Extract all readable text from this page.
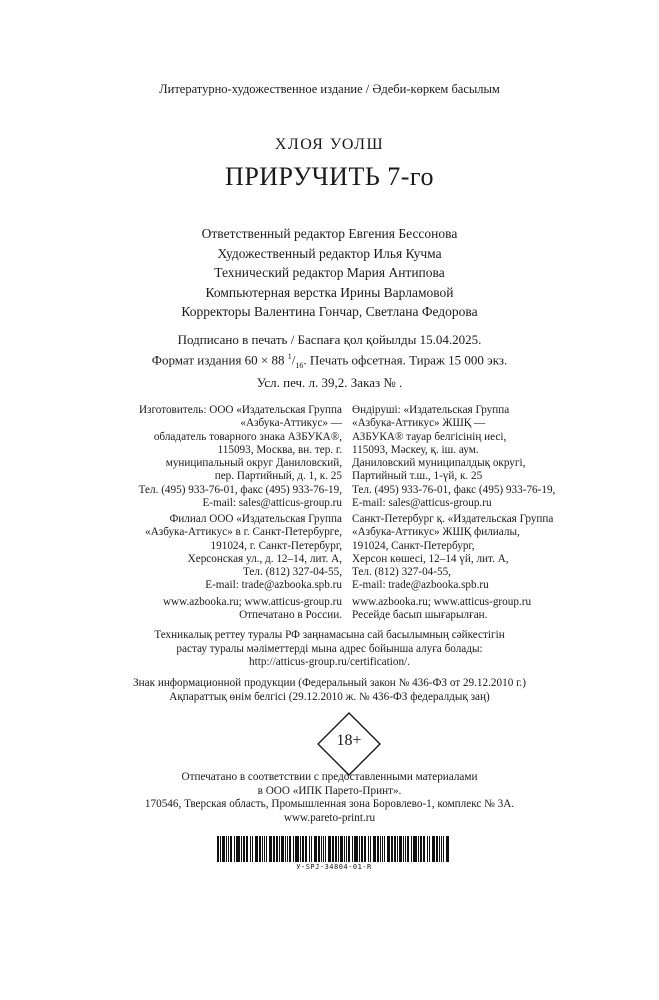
Литературно-художественное издание / Әдеби-көркем басылым
ХЛОЯ УОЛШ
ПРИРУЧИТЬ 7-го
Ответственный редактор Евгения Бессонова
Художественный редактор Илья Кучма
Технический редактор Мария Антипова
Компьютерная верстка Ирины Варламовой
Корректоры Валентина Гончар, Светлана Федорова
Подписано в печать / Баспаға қол қойылды 15.04.2025.
Формат издания 60 × 88 $^1/_{16}$. Печать офсетная. Тираж 15 000 экз.
Усл. печ. л. 39,2. Заказ № .
Изготовитель: ООО «Издательская Группа
«Азбука-Аттикус» —
обладатель товарного знака АЗБУКА®,
115093, Москва, вн. тер. г.
муниципальный округ Даниловский,
пер. Партийный, д. 1, к. 25
Тел. (495) 933-76-01, факс (495) 933-76-19,
E-mail: sales@atticus-group.ru
Филиал ООО «Издательская Группа
«Азбука-Аттикус» в г. Санкт-Петербурге,
191024, г. Санкт-Петербург,
Херсонская ул., д. 12–14, лит. А,
Тел. (812) 327-04-55,
E-mail: trade@azbooka.spb.ru
www.azbooka.ru; www.atticus-group.ru
Отпечатано в России.
Өндіруші: «Издательская Группа
«Азбука-Аттикус» ЖШҚ —
АЗБУКА® тауар белгісінің иесі,
115093, Мәскеу, қ. іш. аум.
Даниловский муниципалдық округі,
Партийный т.ш., 1-үй, к. 25
Тел. (495) 933-76-01, факс (495) 933-76-19,
E-mail: sales@atticus-group.ru
Санкт-Петербург қ. «Издательская Группа
«Азбука-Аттикус» ЖШҚ филиалы,
191024, Санкт-Петербург,
Херсон көшесі, 12–14 үй, лит. А,
Тел. (812) 327-04-55,
E-mail: trade@azbooka.spb.ru
www.azbooka.ru; www.atticus-group.ru
Ресейде басып шығарылған.
Техникалық реттеу туралы РФ заңнамасына сай басылымның сәйкестігін
растау туралы мәліметтерді мына адрес бойынша алуға болады:
http://atticus-group.ru/certification/.
Знак информационной продукции (Федеральный закон № 436-ФЗ от 29.12.2010 г.)
Ақпараттық өнім белгісі (29.12.2010 ж. № 436-ФЗ федералдық заң)
18+
Отпечатано в соответствии с предоставленными материалами
в ООО «ИПК Парето-Принт».
170546, Тверская область, Промышленная зона Боровлево-1, комплекс № 3А.
www.pareto-print.ru
У-SPJ-34804-01-R
